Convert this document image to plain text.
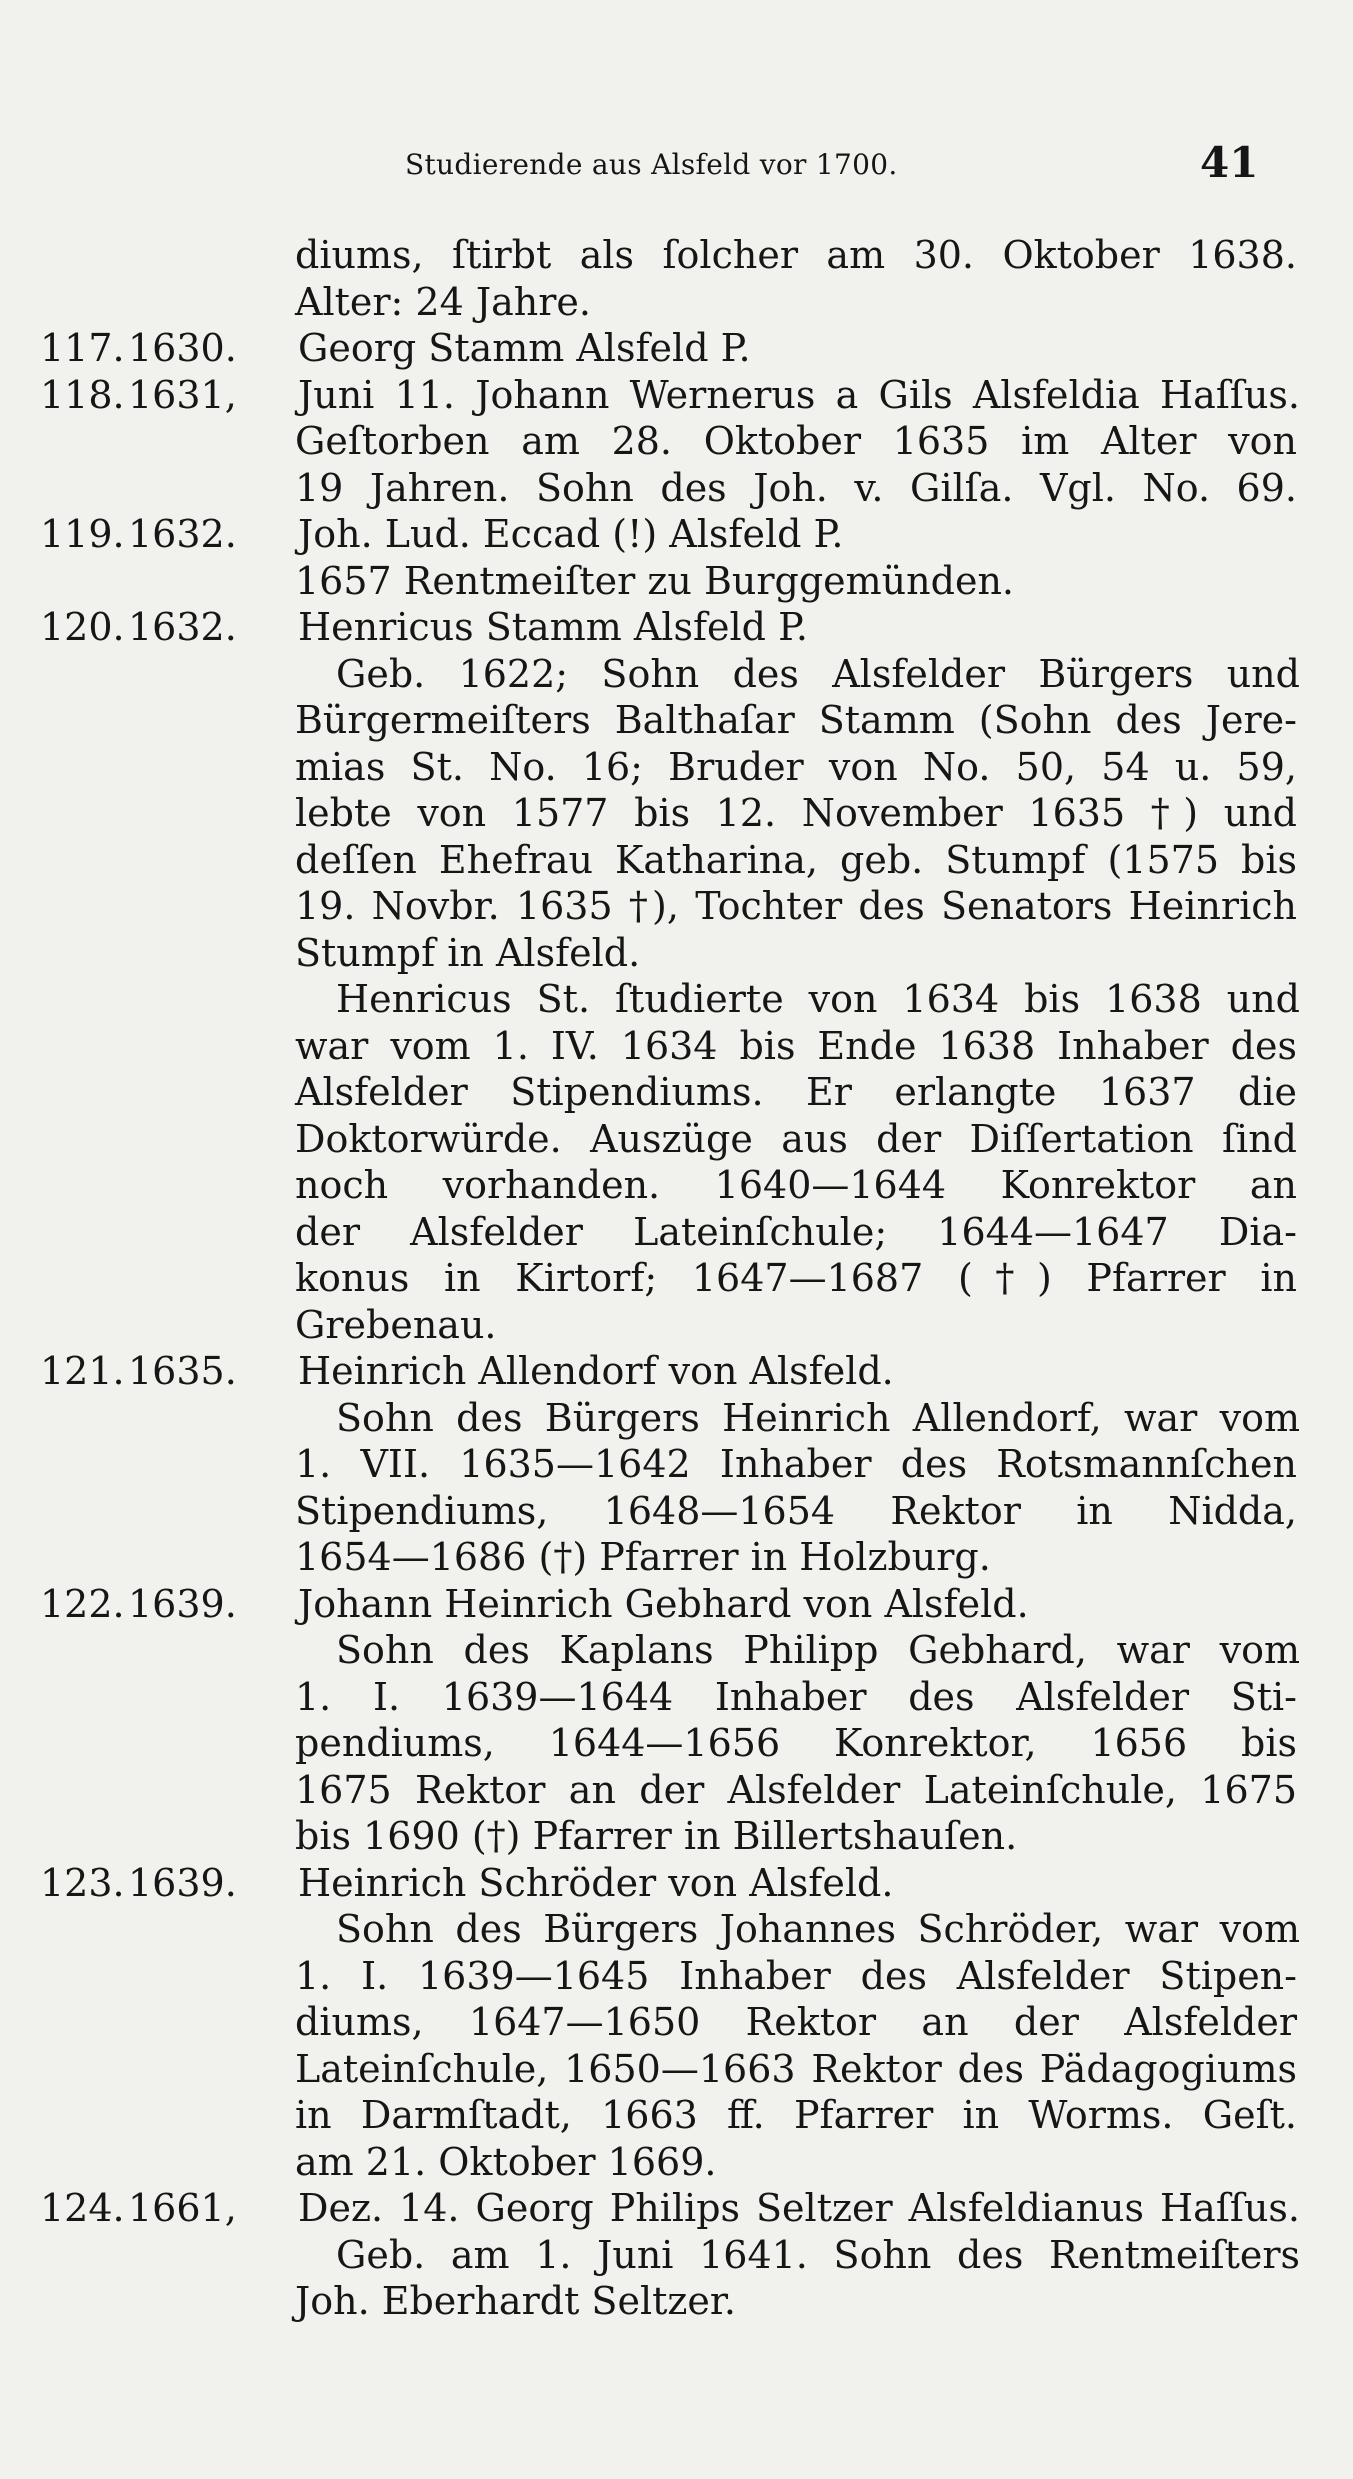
Studierende aus Alsfeld vor 1700.	41
diums, ſtirbt als ſolcher am 30. Oktober 1638.
Alter: 24 Jahre.
117. 1630.	Georg Stamm Alsfeld P.
118. 1631,	Juni 11. Johann Wernerus a Gils Alsfeldia Haſſus.
Geſtorben am 28. Oktober 1635 im Alter von
19 Jahren. Sohn des Joh. v. Gilſa. Vgl. No. 69.
119. 1632.	Joh. Lud. Eccad (!) Alsfeld P.
1657 Rentmeiſter zu Burggemünden.
120. 1632.	Henricus Stamm Alsfeld P.
Geb. 1622; Sohn des Alsfelder Bürgers und
Bürgermeiſters Balthaſar Stamm (Sohn des Jere-
mias St. No. 16; Bruder von No. 50, 54 u. 59,
lebte von 1577 bis 12. November 1635 †) und
deſſen Ehefrau Katharina, geb. Stumpf (1575 bis
19. Novbr. 1635 †), Tochter des Senators Heinrich
Stumpf in Alsfeld.
Henricus St. ſtudierte von 1634 bis 1638 und
war vom 1. IV. 1634 bis Ende 1638 Inhaber des
Alsfelder Stipendiums. Er erlangte 1637 die
Doktorwürde. Auszüge aus der Diſſertation ſind
noch vorhanden. 1640—1644 Konrektor an
der Alsfelder Lateinſchule; 1644—1647 Dia-
konus in Kirtorf; 1647—1687 (†) Pfarrer in
Grebenau.
121. 1635.	Heinrich Allendorf von Alsfeld.
Sohn des Bürgers Heinrich Allendorf, war vom
1. VII. 1635—1642 Inhaber des Rotsmannſchen
Stipendiums, 1648—1654 Rektor in Nidda,
1654—1686 (†) Pfarrer in Holzburg.
122. 1639.	Johann Heinrich Gebhard von Alsfeld.
Sohn des Kaplans Philipp Gebhard, war vom
1. I. 1639—1644 Inhaber des Alsfelder Sti-
pendiums, 1644—1656 Konrektor, 1656 bis
1675 Rektor an der Alsfelder Lateinſchule, 1675
bis 1690 (†) Pfarrer in Billertshauſen.
123. 1639.	Heinrich Schröder von Alsfeld.
Sohn des Bürgers Johannes Schröder, war vom
1. I. 1639—1645 Inhaber des Alsfelder Stipen-
diums, 1647—1650 Rektor an der Alsfelder
Lateinſchule, 1650—1663 Rektor des Pädagogiums
in Darmſtadt, 1663 ff. Pfarrer in Worms. Geſt.
am 21. Oktober 1669.
124. 1661,	Dez. 14. Georg Philips Seltzer Alsfeldianus Haſſus.
Geb. am 1. Juni 1641. Sohn des Rentmeiſters
Joh. Eberhardt Seltzer.
